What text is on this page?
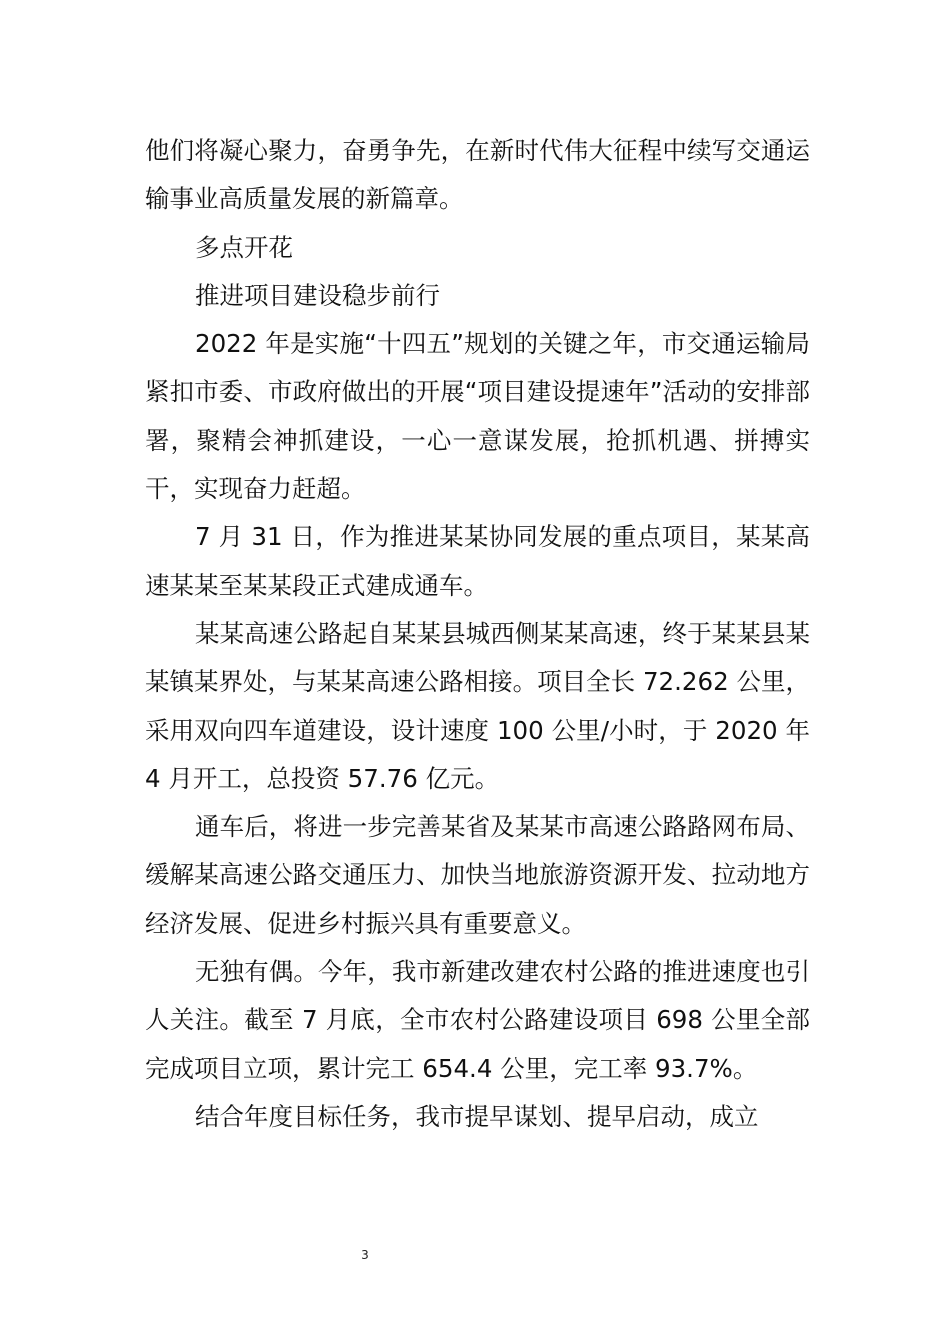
他们将凝心聚力，奋勇争先，在新时代伟大征程中续写交通运输事业高质量发展的新篇章。

多点开花

推进项目建设稳步前行

2022 年是实施“十四五”规划的关键之年，市交通运输局紧扣市委、市政府做出的开展“项目建设提速年”活动的安排部署，聚精会神抓建设，一心一意谋发展，抢抓机遇、拼搏实干，实现奋力赶超。

7 月 31 日，作为推进某某协同发展的重点项目，某某高速某某至某某段正式建成通车。

某某高速公路起自某某县城西侧某某高速，终于某某县某某镇某界处，与某某高速公路相接。项目全长 72.262 公里，采用双向四车道建设，设计速度 100 公里/小时，于 2020 年 4 月开工，总投资 57.76 亿元。

通车后，将进一步完善某省及某某市高速公路路网布局、缓解某高速公路交通压力、加快当地旅游资源开发、拉动地方经济发展、促进乡村振兴具有重要意义。

无独有偶。今年，我市新建改建农村公路的推进速度也引人关注。截至 7 月底，全市农村公路建设项目 698 公里全部完成项目立项，累计完工 654.4 公里，完工率 93.7%。

结合年度目标任务，我市提早谋划、提早启动，成立

3
